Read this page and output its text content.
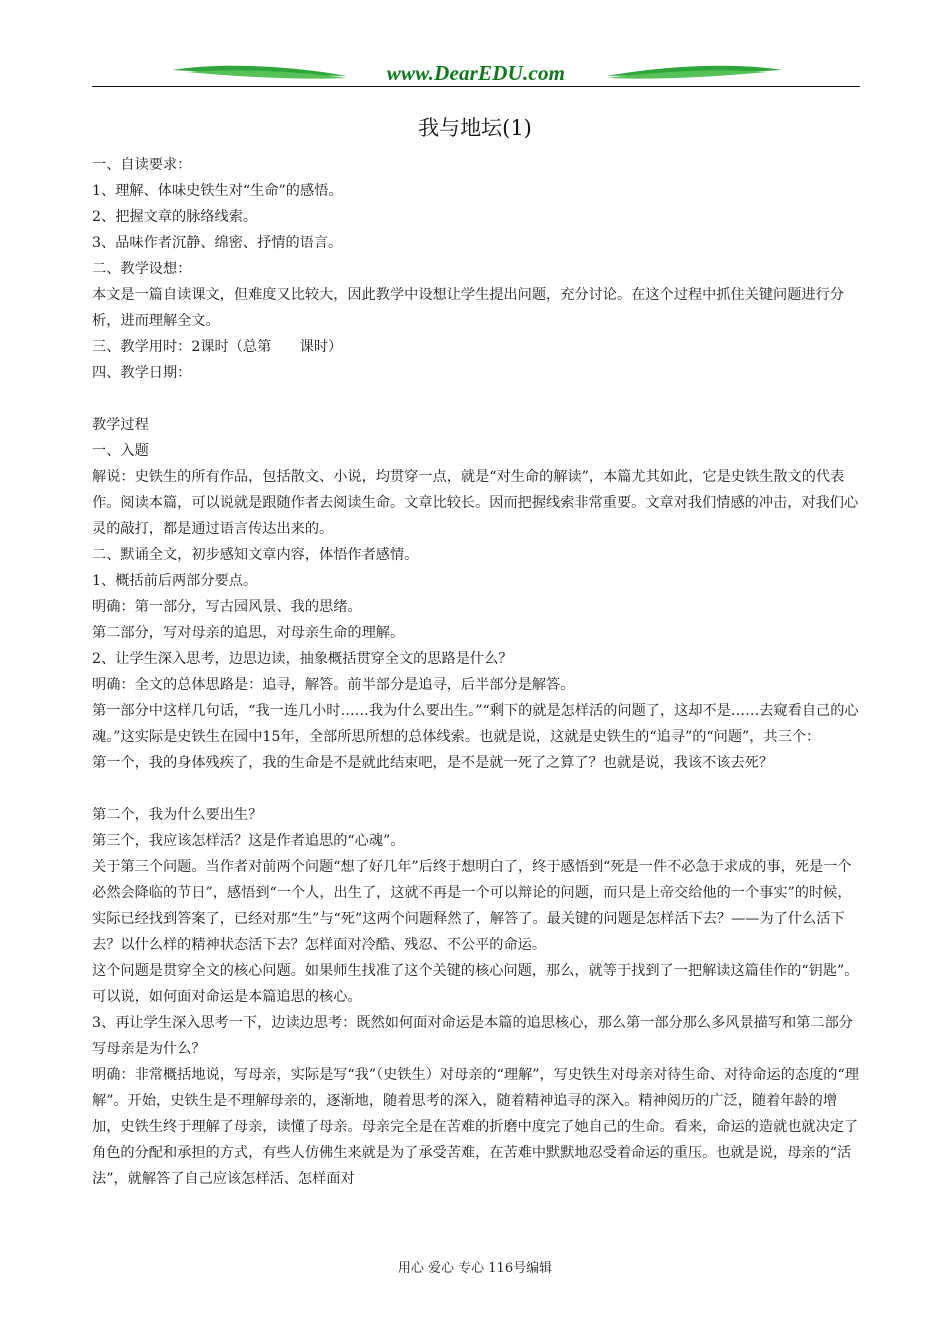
www.DearEDU.com
我与地坛(1)

一、自读要求：

1、理解、体味史铁生对“生命”的感悟。

2、把握文章的脉络线索。

3、品味作者沉静、绵密、抒情的语言。

二、教学设想：

本文是一篇自读课文，但难度又比较大，因此教学中设想让学生提出问题，充分讨论。在这个过程中抓住关键问题进行分析，进而理解全文。

三、教学用时：2课时（总第　　课时）

四、教学日期：

教学过程

一、入题

解说：史铁生的所有作品，包括散文、小说，均贯穿一点，就是“对生命的解读”，本篇尤其如此，它是史铁生散文的代表作。阅读本篇，可以说就是跟随作者去阅读生命。文章比较长。因而把握线索非常重要。文章对我们情感的冲击，对我们心灵的敲打，都是通过语言传达出来的。

二、默诵全文，初步感知文章内容，体悟作者感情。

1、概括前后两部分要点。

明确：第一部分，写古园风景、我的思绪。

第二部分，写对母亲的追思，对母亲生命的理解。

2、让学生深入思考，边思边读，抽象概括贯穿全文的思路是什么？

明确：全文的总体思路是：追寻，解答。前半部分是追寻，后半部分是解答。

第一部分中这样几句话，“我一连几小时……我为什么要出生。”“剩下的就是怎样活的问题了，这却不是……去窥看自己的心魂。”这实际是史铁生在园中15年，全部所思所想的总体线索。也就是说，这就是史铁生的“追寻”的“问题”，共三个：

第一个，我的身体残疾了，我的生命是不是就此结束吧，是不是就一死了之算了？也就是说，我该不该去死？

第二个，我为什么要出生？

第三个，我应该怎样活？这是作者追思的“心魂”。

关于第三个问题。当作者对前两个问题“想了好几年”后终于想明白了，终于感悟到“死是一件不必急于求成的事，死是一个必然会降临的节日”，感悟到“一个人，出生了，这就不再是一个可以辩论的问题，而只是上帝交给他的一个事实”的时候，实际已经找到答案了，已经对那“生”与“死”这两个问题释然了，解答了。最关键的问题是怎样活下去？——为了什么活下去？以什么样的精神状态活下去？怎样面对冷酷、残忍、不公平的命运。

这个问题是贯穿全文的核心问题。如果师生找准了这个关键的核心问题，那么，就等于找到了一把解读这篇佳作的“钥匙”。可以说，如何面对命运是本篇追思的核心。

3、再让学生深入思考一下，边读边思考：既然如何面对命运是本篇的追思核心，那么第一部分那么多风景描写和第二部分写母亲是为什么？

明确：非常概括地说，写母亲，实际是写“我”（史铁生）对母亲的“理解”，写史铁生对母亲对待生命、对待命运的态度的“理解”。开始，史铁生是不理解母亲的，逐渐地，随着思考的深入，随着精神追寻的深入。精神阅历的广泛，随着年龄的增加，史铁生终于理解了母亲，读懂了母亲。母亲完全是在苦难的折磨中度完了她自己的生命。看来，命运的造就也就决定了角色的分配和承担的方式，有些人仿佛生来就是为了承受苦难，在苦难中默默地忍受着命运的重压。也就是说，母亲的“活法”，就解答了自己应该怎样活、怎样面对

用心 爱心 专心 116号编辑
